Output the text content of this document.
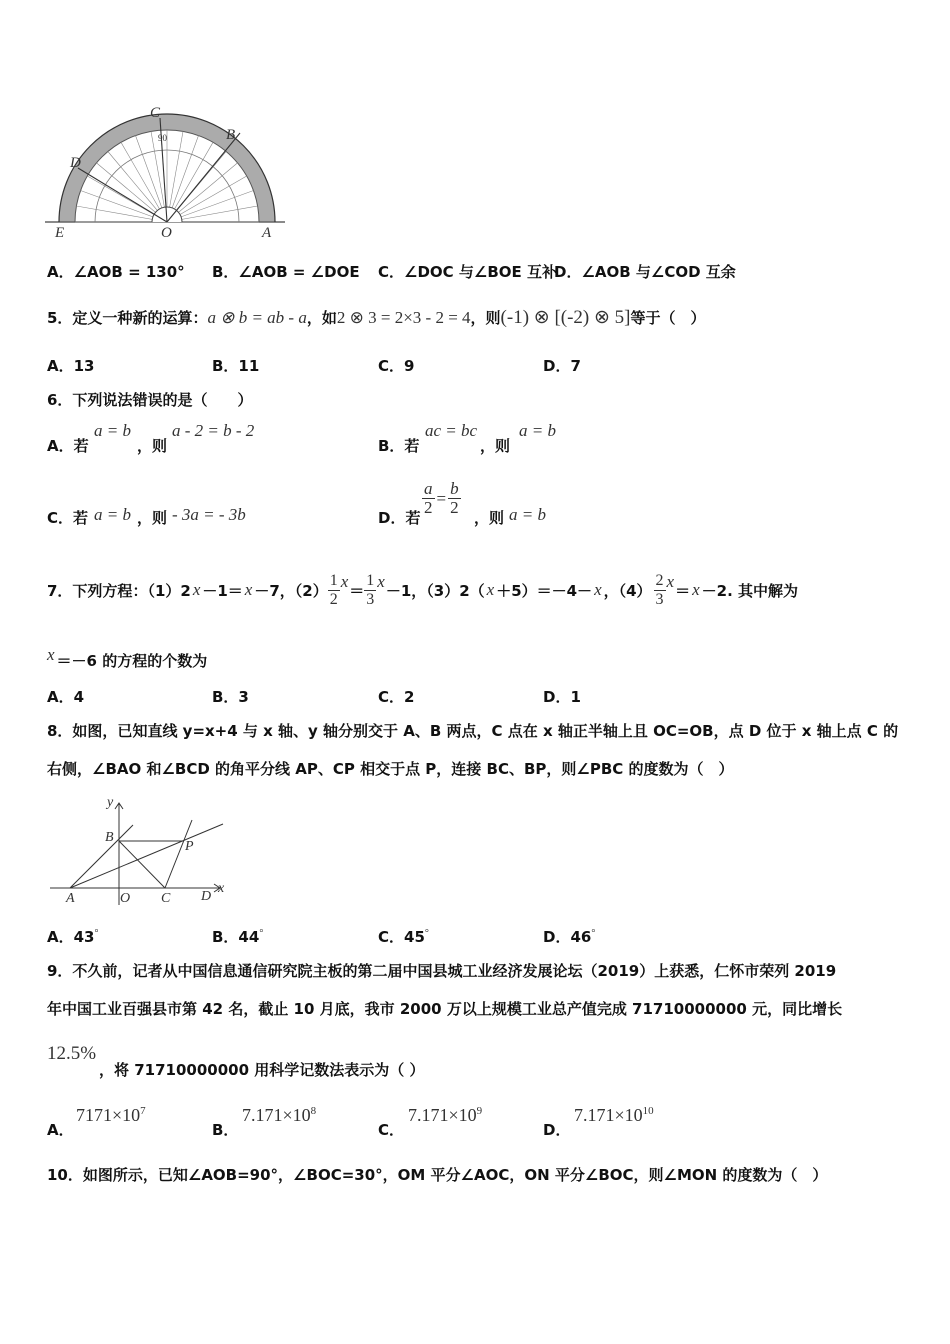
C
B
D
90
E	O	A
A．∠AOB = 130° B．∠AOB = ∠DOE C．∠DOC 与∠BOE 互补
D．∠AOB 与∠COD 互余
5．定义一种新的运算：a ⊗ b = ab - a，如2 ⊗ 3 = 2×3 - 2 = 4，则(-1) ⊗ [(-2) ⊗ 5]等于（　）
A．13	B．11	C．9	D．7
6．下列说法错误的是（　　）
A．若
a = b
，则
a - 2 = b - 2
B．若
ac = bc
，则
a = b
C．若 a = b ，则 - 3a = - 3b	D．若
$\frac{a}{2} = \frac{b}{2}$
，则 a = b
7．下列方程：（1）2 x －1＝ x －7，$(2) \frac{1}{2}$ $x = \frac{1}{3}$ x －1，（3）2（ x ＋5）＝－4－ x ，$(4) \frac{2}{3}$ x ＝ x －2. 其中解为
x ＝－6 的方程的个数为
A．4	B．3	C．2	D．1
8．如图，已知直线 y=x+4 与 x 轴、y 轴分别交于 A、B 两点，C 点在 x 轴正半轴上且 OC=OB，点 D 位于 x 轴上点 C 的
右侧，∠BAO 和∠BCD 的角平分线 AP、CP 相交于点 P，连接 BC、BP，则∠PBC 的度数为（　）
y
x
B
P
A	O C D
A．43°	B．44°	C．45°	D．46°
9．不久前，记者从中国信息通信研究院主板的第二届中国县城工业经济发展论坛（2019）上获悉，仁怀市荣列 2019
年中国工业百强县市第 42 名，截止 10 月底，我市 2000 万以上规模工业总产值完成 71710000000 元，同比增长
12.5%
，将 71710000000 用科学记数法表示为（ ）
A．
$7171\times 10^7$
B．
$7.171\times 10^8$
C．
$7.171\times 10^9$
D．
$7.171\times 10^{10}$
10．如图所示，已知∠AOB=90°，∠BOC=30°，OM 平分∠AOC，ON 平分∠BOC，则∠MON 的度数为（　）
